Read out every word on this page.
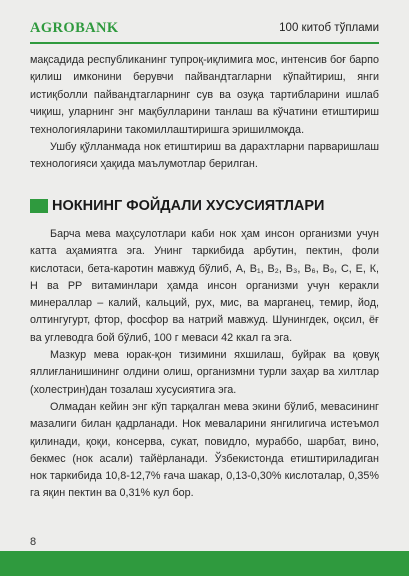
AGROBANK	100 китоб тўплами

мақсадида республиканинг тупроқ-иқлимига мос, интенсив боғ барпо қилиш имконини берувчи пайвандтагларни кўпайтириш, янги истиқболли пайвандтагларнинг сув ва озуқа тартибларини ишлаб чиқиш, уларнинг энг мақбулларини танлаш ва кўчатини етиштириш технологияларини такомиллаштиришга эришилмоқда.

Ушбу қўлланмада нок етиштириш ва дарахтларни парваришлаш технологияси ҳақида маълумотлар берилган.

НОКНИНГ ФОЙДАЛИ ХУСУСИЯТЛАРИ

Барча мева маҳсулотлари каби нок ҳам инсон организми учун катта аҳамиятга эга. Унинг таркибида арбутин, пектин, фоли кислотаси, бета-каротин мавжуд бўлиб, А, В₁, В₂, В₃, В₆, В₉, С, Е, К, Н ва РР витаминлари ҳамда инсон организми учун керакли минераллар – калий, кальций, рух, мис, ва марганец, темир, йод, олтингугурт, фтор, фосфор ва натрий мавжуд. Шунингдек, оқсил, ёғ ва углеводга бой бўлиб, 100 г меваси 42 ккал га эга.

Мазкур мева юрак-қон тизимини яхшилаш, буйрак ва қовуқ яллиғланишининг олдини олиш, организмни турли заҳар ва хилтлар (холестрин)дан тозалаш хусусиятига эга.

Олмадан кейин энг кўп тарқалган мева экини бўлиб, мевасининг мазалиги билан қадрланади. Нок меваларини янгилигича истеъмол қилинади, қоқи, консерва, сукат, повидло, мураббо, шарбат, вино, бекмес (нок асали) тайёрланади. Ўзбекистонда етиштириладиган нок таркибида 10,8-12,7% ғача шакар, 0,13-0,30% кислоталар, 0,35% га яқин пектин ва 0,31% кул бор.

8
